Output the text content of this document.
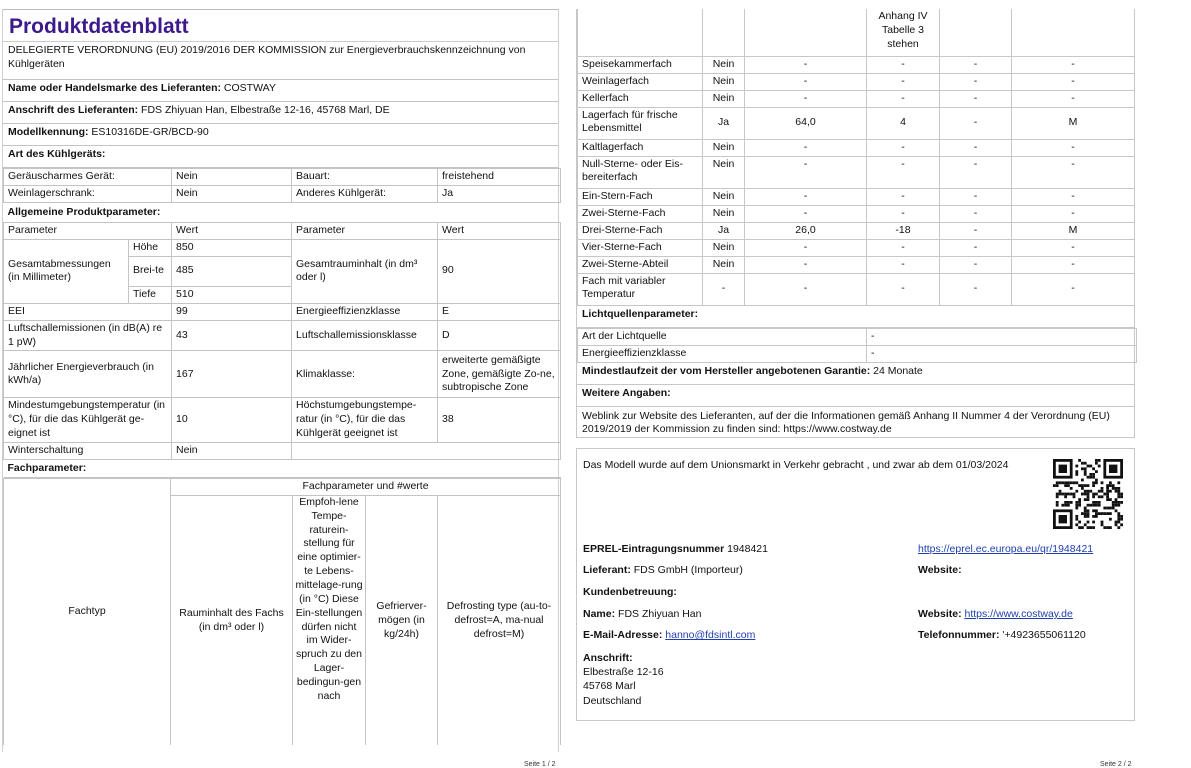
Produktdatenblatt
DELEGIERTE VERORDNUNG (EU) 2019/2016 DER KOMMISSION zur Energieverbrauchskennzeichnung von Kühlgeräten
Name oder Handelsmarke des Lieferanten: COSTWAY
Anschrift des Lieferanten: FDS Zhiyuan Han, Elbestraße 12-16, 45768 Marl, DE
Modellkennung: ES10316DE-GR/BCD-90
Art des Kühlgeräts:
Geräuscharmes Gerät:		Nein	Bauart:	freistehend
Weinlagerschrank:		Nein	Anderes Kühlgerät:	Ja
Allgemeine Produktparameter:				
Parameter		Wert	Parameter	Wert
Gesamtabmessungen (in Millimeter)	Höhe	850	Gesamtrauminhalt (in dm³ oder l)	90
	Brei-te	485		
	Tiefe	510		
EEI		99	Energieeffizienzklasse	E
Luftschallemissionen (in dB(A) re 1 pW)		43	Luftschallemissionsklasse	D
Jährlicher Energieverbrauch (in kWh/a)		167	Klimaklasse:	erweiterte gemäßigte Zone, gemäßigte Zo-ne, subtropische Zone
Mindestumgebungstemperatur (in °C), für die das Kühlgerät ge-eignet ist		10	Höchstumgebungstempe-ratur (in °C), für die das Kühlgerät geeignet ist	38
Winterschaltung		Nein		
Fachparameter:				
Fachtyp	Fachparameter und #werte			
	Rauminhalt des Fachs (in dm³ oder l)	Empfoh-lene Tempe-raturein-stellung für eine optimier-te Lebens-mittelage-rung (in °C) Diese Ein-stellungen dürfen nicht im Wider-spruch zu den Lager-bedingun-gen nach	Gefrierver-mögen (in kg/24h)	Defrosting type (au-to-defrost=A, ma-nual defrost=M)
Seite 1 / 2
			Anhang IV Tabelle 3 stehen		
Speisekammerfach	Nein	-	-	-	-
Weinlagerfach	Nein	-	-	-	-
Kellerfach	Nein	-	-	-	-
Lagerfach für frische Lebensmittel	Ja	64,0	4	-	M
Kaltlagerfach	Nein	-	-	-	-
Null-Sterne- oder Eis-bereiterfach	Nein	-	-	-	-
Ein-Stern-Fach	Nein	-	-	-	-
Zwei-Sterne-Fach	Nein	-	-	-	-
Drei-Sterne-Fach	Ja	26,0	-18	-	M
Vier-Sterne-Fach	Nein	-	-	-	-
Zwei-Sterne-Abteil	Nein	-	-	-	-
Fach mit variabler Temperatur	-	-	-	-	-
Lichtquellenparameter:
Art der Lichtquelle	-
Energieeffizienzklasse	-
Mindestlaufzeit der vom Hersteller angebotenen Garantie: 24 Monate
Weitere Angaben:
Weblink zur Website des Lieferanten, auf der die Informationen gemäß Anhang II Nummer 4 der Verordnung (EU) 2019/2019 der Kommission zu finden sind: https://www.costway.de
Das Modell wurde auf dem Unionsmarkt in Verkehr gebracht , und zwar ab dem 01/03/2024
EPREL-Eintragungsnummer 1948421	https://eprel.ec.europa.eu/qr/1948421
Lieferant: FDS GmbH (Importeur)	Website:
Kundenbetreuung:
Name: FDS Zhiyuan Han	Website: https://www.costway.de
E-Mail-Adresse: hanno@fdsintl.com	Telefonnummer: '+4923655061120
Anschrift:
Elbestraße 12-16
45768 Marl
Deutschland
Seite 2 / 2
